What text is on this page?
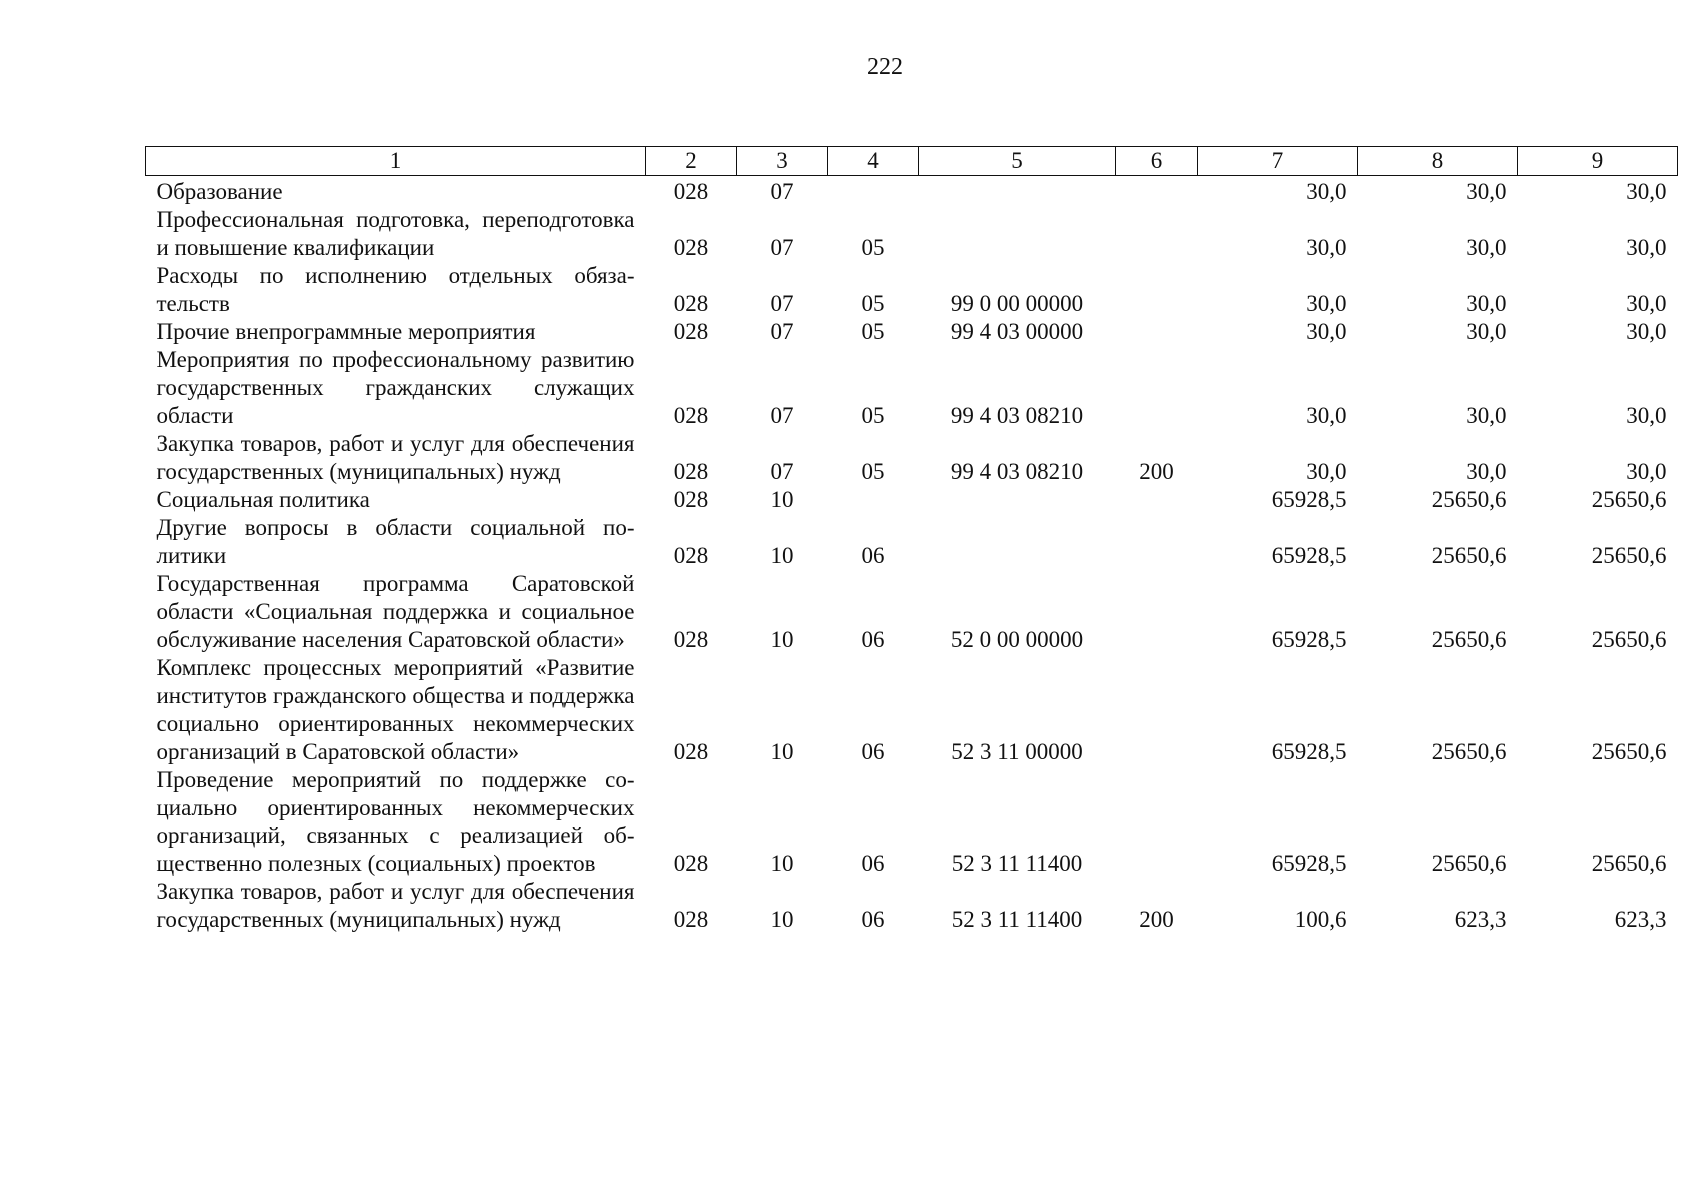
222
1	2	3	4	5	6	7	8	9
Образование	028	07				30,0	30,0	30,0
Профессиональная подготовка, переподготовка и повышение квалификации	028	07	05			30,0	30,0	30,0
Расходы по исполнению отдельных обязательств	028	07	05	99 0 00 00000		30,0	30,0	30,0
Прочие внепрограммные мероприятия	028	07	05	99 4 03 00000		30,0	30,0	30,0
Мероприятия по профессиональному развитию государственных гражданских служащих области	028	07	05	99 4 03 08210		30,0	30,0	30,0
Закупка товаров, работ и услуг для обеспечения государственных (муниципальных) нужд	028	07	05	99 4 03 08210	200	30,0	30,0	30,0
Социальная политика	028	10				65928,5	25650,6	25650,6
Другие вопросы в области социальной политики	028	10	06			65928,5	25650,6	25650,6
Государственная программа Саратовской области «Социальная поддержка и социальное обслуживание населения Саратовской области»	028	10	06	52 0 00 00000		65928,5	25650,6	25650,6
Комплекс процессных мероприятий «Развитие институтов гражданского общества и поддержка социально ориентированных некоммерческих организаций в Саратовской области»	028	10	06	52 3 11 00000		65928,5	25650,6	25650,6
Проведение мероприятий по поддержке социально ориентированных некоммерческих организаций, связанных с реализацией общественно полезных (социальных) проектов	028	10	06	52 3 11 11400		65928,5	25650,6	25650,6
Закупка товаров, работ и услуг для обеспечения государственных (муниципальных) нужд	028	10	06	52 3 11 11400	200	100,6	623,3	623,3
